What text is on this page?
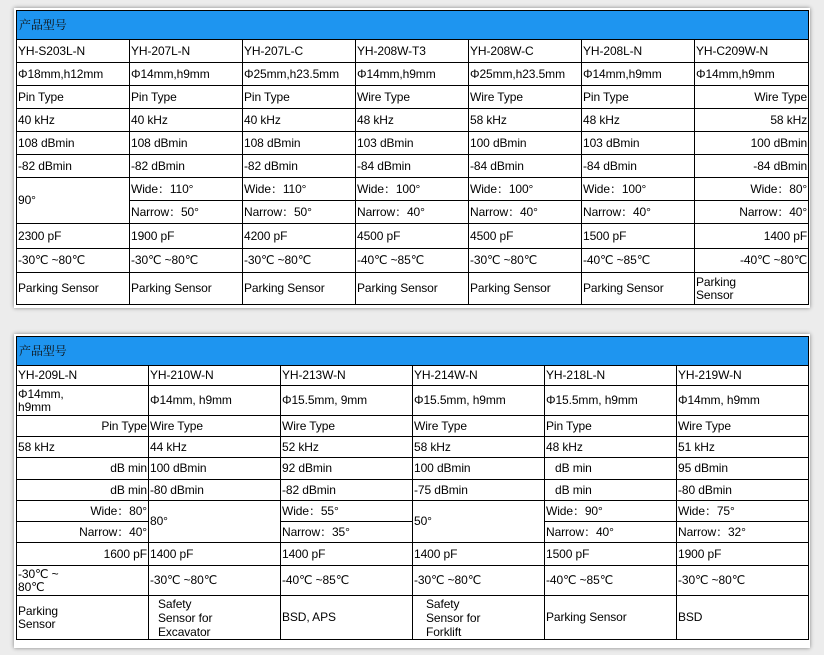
产品型号						
YH-S203L-N	YH-207L-N	YH-207L-C	YH-208W-T3	YH-208W-C	YH-208L-N	YH-C209W-N
Φ18mm,h12mm	Φ14mm,h9mm	Φ25mm,h23.5mm	Φ14mm,h9mm	Φ25mm,h23.5mm	Φ14mm,h9mm	Φ14mm,h9mm
Pin Type	Pin Type	Pin Type	Wire Type	Wire Type	Pin Type	Wire Type
40 kHz	40 kHz	40 kHz	48 kHz	58 kHz	48 kHz	58 kHz
108 dBmin	108 dBmin	108 dBmin	103 dBmin	100 dBmin	103 dBmin	100 dBmin
-82 dBmin	-82 dBmin	-82 dBmin	-84 dBmin	-84 dBmin	-84 dBmin	-84 dBmin
90°	Wide：110°	Wide：110°	Wide：100°	Wide：100°	Wide：100°	Wide：80°
	Narrow：50°	Narrow：50°	Narrow：40°	Narrow：40°	Narrow：40°	Narrow：40°
2300 pF	1900 pF	4200 pF	4500 pF	4500 pF	1500 pF	1400 pF
-30℃ ~80℃	-30℃ ~80℃	-30℃ ~80℃	-40℃ ~85℃	-30℃ ~80℃	-40℃ ~85℃	-40℃ ~80℃
Parking Sensor	Parking Sensor	Parking Sensor	Parking Sensor	Parking Sensor	Parking Sensor	Parking Sensor
产品型号					
YH-209L-N	YH-210W-N	YH-213W-N	YH-214W-N	YH-218L-N	YH-219W-N

Φ14mm, h9mm	Φ14mm, h9mm	Φ15.5mm, 9mm	Φ15.5mm, h9mm	Φ15.5mm, h9mm	Φ14mm, h9mm
Pin Type	Wire Type	Wire Type	Wire Type	Pin Type	Wire Type
58 kHz	44 kHz	52 kHz	58 kHz	48 kHz	51 kHz
dB min	100 dBmin	92 dBmin	100 dBmin	dB min	95 dBmin
dB min	-80 dBmin	-82 dBmin	-75 dBmin	dB min	-80 dBmin
Wide：80°	80°	Wide：55°	50°	Wide：90°	Wide：75°
Narrow：40°		Narrow：35°		Narrow：40°	Narrow：32°
1600 pF	1400 pF	1400 pF	1400 pF	1500 pF	1900 pF

-30℃ ~ 80℃	-30℃ ~80℃	-40℃ ~85℃	-30℃ ~80℃	-40℃ ~85℃	-30℃ ~80℃

Parking Sensor	Safety Sensor for Excavator	BSD, APS	Safety Sensor for Forklift	Parking Sensor	BSD
